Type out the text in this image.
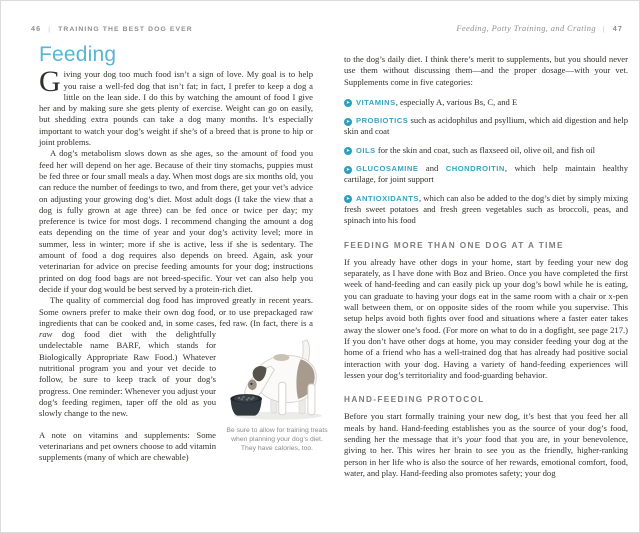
46 | TRAINING THE BEST DOG EVER	Feeding, Potty Training, and Crating | 47
Feeding

Giving your dog too much food isn’t a sign of love. My goal is to help you raise a well-fed dog that isn’t fat; in fact, I prefer to keep a dog a little on the lean side. I do this by watching the amount of food I give her and by making sure she gets plenty of exercise. Weight can go on easily, but shedding extra pounds can take a dog many months. It’s especially important to watch your dog’s weight if she’s of a breed that is prone to hip or joint problems.

A dog’s metabolism slows down as she ages, so the amount of food you feed her will depend on her age. Because of their tiny stomachs, puppies must be fed three or four small meals a day. When most dogs are six months old, you can reduce the number of feedings to two, and from there, get your vet’s advice on adjusting your growing dog’s diet. Most adult dogs (I take the view that a dog is fully grown at age three) can be fed once or twice per day; my preference is twice for most dogs. I recommend changing the amount a dog eats depending on the time of year and your dog’s activity level; more in summer, less in winter; more if she is active, less if she is sedentary. The amount of food a dog requires also depends on breed. Again, ask your veterinarian for advice on precise feeding amounts for your dog; instructions printed on dog food bags are not breed-specific. Your vet can also help you decide if your dog would be best served by a protein-rich diet.

The quality of commercial dog food has improved greatly in recent years. Some owners prefer to make their own dog food, or to use prepackaged raw ingredients that can be cooked and, in some cases, fed raw. (In
Be sure to allow for training treats when planning your dog’s diet. They have calories, too.
fact, there is a raw dog food diet with the delightfully undelectable name BARF, which stands for Biologically Appropriate Raw Food.) Whatever nutritional program you and your vet decide to follow, be sure to keep track of your dog’s progress. One reminder: Whenever you adjust your dog’s feeding regimen, taper off the old as you slowly change to the new.

A note on vitamins and supplements: Some veterinarians and pet owners choose to add vitamin supplements (many of which are chewable)

to the dog’s daily diet. I think there’s merit to supplements, but you should never use them without discussing them—and the proper dosage—with your vet. Supplements come in five categories:

➤ VITAMINS, especially A, various Bs, C, and E
➤ PROBIOTICS such as acidophilus and psyllium, which aid digestion and help skin and coat
➤ OILS for the skin and coat, such as flaxseed oil, olive oil, and fish oil
➤ GLUCOSAMINE and CHONDROITIN, which help maintain healthy cartilage, for joint support
➤ ANTIOXIDANTS, which can also be added to the dog’s diet by simply mixing fresh sweet potatoes and fresh green vegetables such as broccoli, peas, and spinach into his food
FEEDING MORE THAN ONE DOG AT A TIME

If you already have other dogs in your home, start by feeding your new dog separately, as I have done with Boz and Brieo. Once you have completed the first week of hand-feeding and can easily pick up your dog’s bowl while he is eating, you can graduate to having your dogs eat in the same room with a chair or x-pen wall between them, or on opposite sides of the room while you supervise. This setup helps avoid both fights over food and situations where a faster eater takes away the slower one’s food. (For more on what to do in a dogfight, see page 217.) If you don’t have other dogs at home, you may consider feeding your dog at the home of a friend who has a well-trained dog that has already had positive social interaction with your dog. Having a variety of hand-feeding experiences will lessen your dog’s territoriality and food-guarding behavior.

HAND-FEEDING PROTOCOL

Before you start formally training your new dog, it’s best that you feed her all meals by hand. Hand-feeding establishes you as the source of your dog’s food, sending her the message that it’s your food that you are, in your benevolence, giving to her. This wires her brain to see you as the friendly, higher-ranking person in her life who is also the source of her rewards, emotional comfort, food, water, and play. Hand-feeding also promotes safety; your dog
